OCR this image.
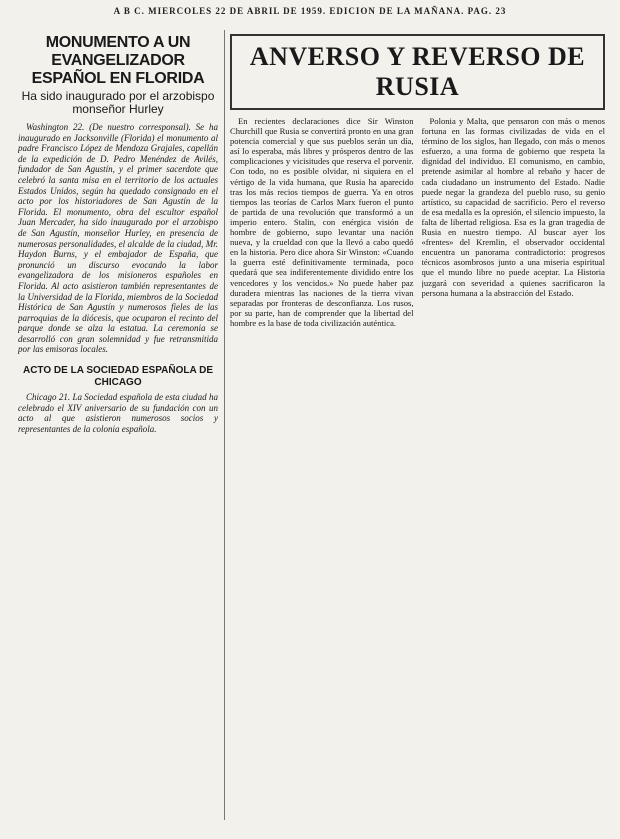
A B C. MIERCOLES 22 DE ABRIL DE 1959. EDICION DE LA MAÑANA. PAG. 23
MONUMENTO A UN EVANGELIZADOR ESPAÑOL EN FLORIDA
Ha sido inaugurado por el arzobispo monseñor Hurley

Washington 22. (De nuestro corresponsal). Se ha inaugurado en Jacksonville (Florida) el monumento al padre Francisco López de Mendoza Grajales, capellán de la expedición de D. Pedro Menéndez de Avilés, fundador de San Agustín, y el primer sacerdote que celebró la santa misa en el territorio de los actuales Estados Unidos, según ha quedado consignado en el acto por los historiadores de San Agustín de la Florida. El monumento, obra del escultor español Juan Mercader, ha sido inaugurado por el arzobispo de San Agustín, monseñor Hurley, en presencia de numerosas personalidades, el alcalde de la ciudad, Mr. Haydon Burns, y el embajador de España, que pronunció un discurso evocando la labor evangelizadora de los misioneros españoles en Florida. Al acto asistieron también representantes de la Universidad de la Florida, miembros de la Sociedad Histórica de San Agustín y numerosos fieles de las parroquias de la diócesis, que ocuparon el recinto del parque donde se alza la estatua. La ceremonia se desarrolló con gran solemnidad y fue retransmitida por las emisoras locales.

ACTO DE LA SOCIEDAD ESPAÑOLA DE CHICAGO

Chicago 21. La Sociedad española de esta ciudad ha celebrado el XIV aniversario de su fundación con un acto al que asistieron numerosos socios y representantes de la colonia española.

ANVERSO Y REVERSO DE RUSIA

En recientes declaraciones dice Sir Winston Churchill que Rusia se convertirá pronto en una gran potencia comercial y que sus pueblos serán un día, así lo esperaba, más libres y prósperos dentro de las complicaciones y vicisitudes que reserva el porvenir. Con todo, no es posible olvidar, ni siquiera en el vértigo de la vida humana, que Rusia ha aparecido tras los más recios tiempos de guerra. Ya en otros tiempos las teorías de Carlos Marx fueron el punto de partida de una revolución que transformó a un imperio entero. Stalin, con enérgica visión de hombre de gobierno, supo levantar una nación nueva, y la crueldad con que la llevó a cabo quedó en la historia. Pero dice ahora Sir Winston: «Cuando la guerra esté definitivamente terminada, poco quedará que sea indiferentemente dividido entre los vencedores y los vencidos.» No puede haber paz duradera mientras las naciones de la tierra vivan separadas por fronteras de desconfianza. Los rusos, por su parte, han de comprender que la libertad del hombre es la base de toda civilización auténtica.

Polonia y Malta, que pensaron con más o menos fortuna en las formas civilizadas de vida en el término de los siglos, han llegado, con más o menos esfuerzo, a una forma de gobierno que respeta la dignidad del individuo. El comunismo, en cambio, pretende asimilar al hombre al rebaño y hacer de cada ciudadano un instrumento del Estado. Nadie puede negar la grandeza del pueblo ruso, su genio artístico, su capacidad de sacrificio. Pero el reverso de esa medalla es la opresión, el silencio impuesto, la falta de libertad religiosa. Esa es la gran tragedia de Rusia en nuestro tiempo. Al buscar ayer los «frentes» del Kremlin, el observador occidental encuentra un panorama contradictorio: progresos técnicos asombrosos junto a una miseria espiritual que el mundo libre no puede aceptar. La Historia juzgará con severidad a quienes sacrificaron la persona humana a la abstracción del Estado.
